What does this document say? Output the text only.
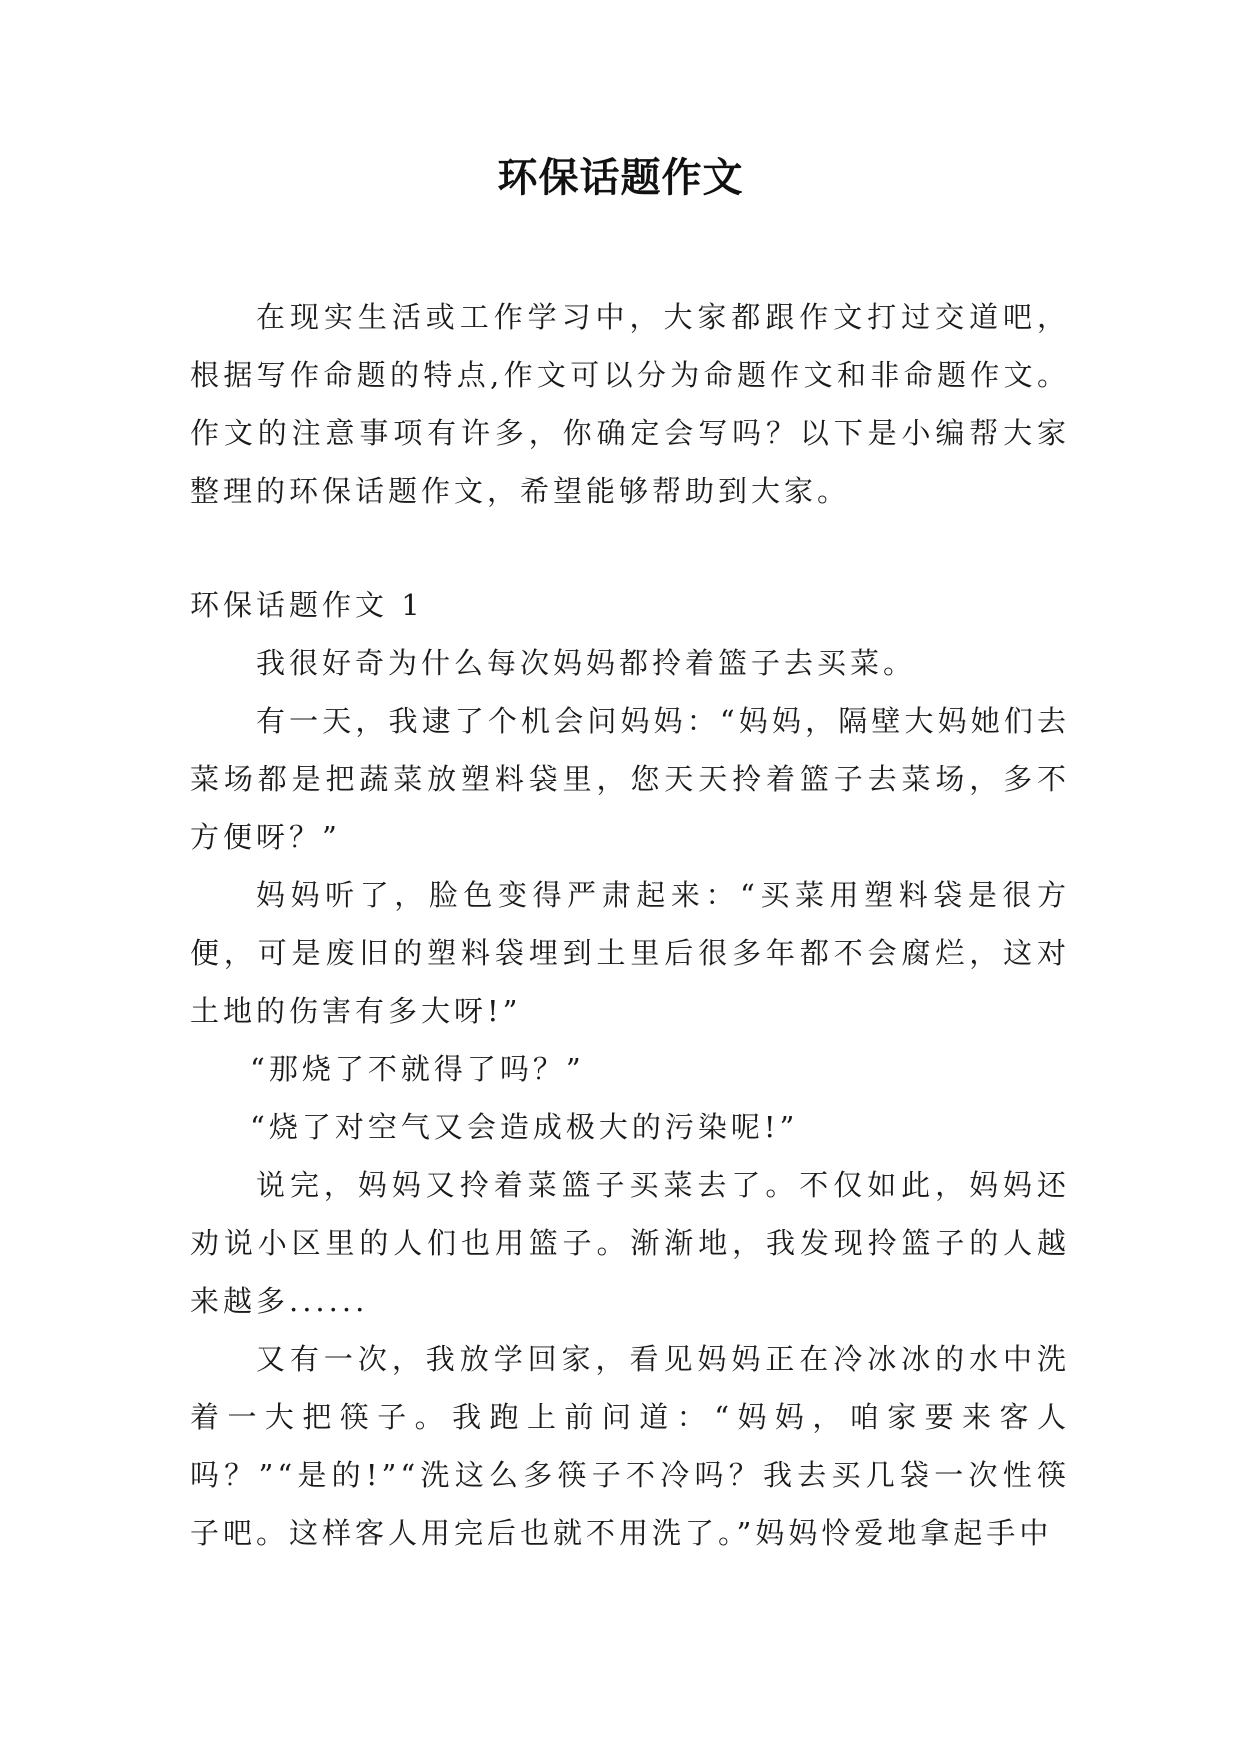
环保话题作文

在现实生活或工作学习中，大家都跟作文打过交道吧，根据写作命题的特点,作文可以分为命题作文和非命题作文。作文的注意事项有许多，你确定会写吗？以下是小编帮大家整理的环保话题作文，希望能够帮助到大家。

环保话题作文 1

我很好奇为什么每次妈妈都拎着篮子去买菜。

有一天，我逮了个机会问妈妈：“妈妈，隔壁大妈她们去菜场都是把蔬菜放塑料袋里，您天天拎着篮子去菜场，多不方便呀？”

妈妈听了，脸色变得严肃起来：“买菜用塑料袋是很方便，可是废旧的塑料袋埋到土里后很多年都不会腐烂，这对土地的伤害有多大呀!”

“那烧了不就得了吗？”

“烧了对空气又会造成极大的污染呢!”

说完，妈妈又拎着菜篮子买菜去了。不仅如此，妈妈还劝说小区里的人们也用篮子。渐渐地，我发现拎篮子的人越来越多......

又有一次，我放学回家，看见妈妈正在冷冰冰的水中洗着一大把筷子。我跑上前问道：“妈妈，咱家要来客人吗？”“是的!”“洗这么多筷子不冷吗？我去买几袋一次性筷子吧。这样客人用完后也就不用洗了。”妈妈怜爱地拿起手中
